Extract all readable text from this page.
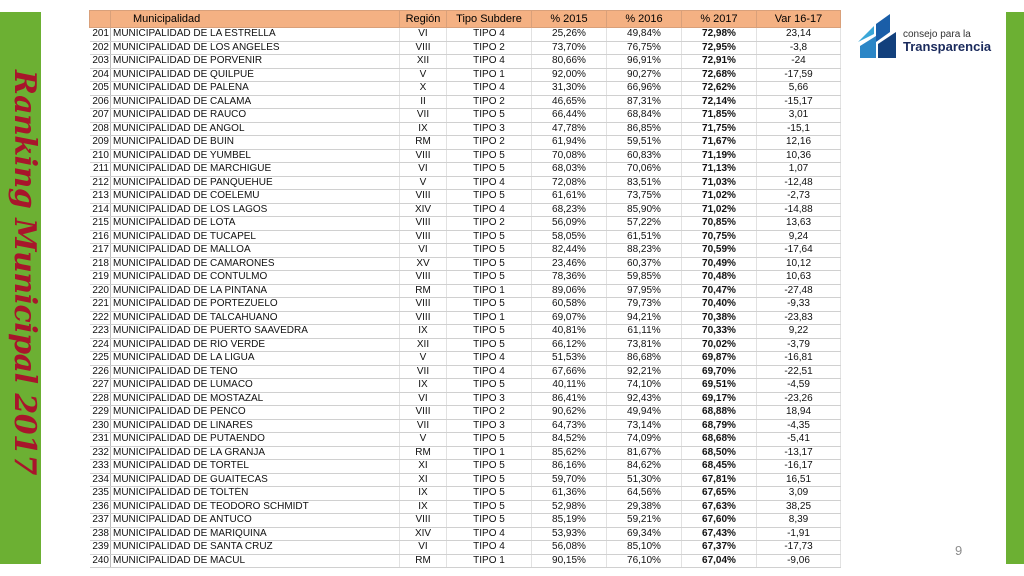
Ranking Municipal 2017
consejo para la
Transparencia
	Municipalidad	Región	Tipo Subdere	% 2015	% 2016	% 2017	Var 16-17
201	MUNICIPALIDAD DE LA ESTRELLA	VI	TIPO 4	25,26%	49,84%	72,98%	23,14
202	MUNICIPALIDAD DE LOS ANGELES	VIII	TIPO 2	73,70%	76,75%	72,95%	-3,8
203	MUNICIPALIDAD DE PORVENIR	XII	TIPO 4	80,66%	96,91%	72,91%	-24
204	MUNICIPALIDAD DE QUILPUÉ	V	TIPO 1	92,00%	90,27%	72,68%	-17,59
205	MUNICIPALIDAD DE PALENA	X	TIPO 4	31,30%	66,96%	72,62%	5,66
206	MUNICIPALIDAD DE CALAMA	II	TIPO 2	46,65%	87,31%	72,14%	-15,17
207	MUNICIPALIDAD DE RAUCO	VII	TIPO 5	66,44%	68,84%	71,85%	3,01
208	MUNICIPALIDAD DE ANGOL	IX	TIPO 3	47,78%	86,85%	71,75%	-15,1
209	MUNICIPALIDAD DE BUIN	RM	TIPO 2	61,94%	59,51%	71,67%	12,16
210	MUNICIPALIDAD DE YUMBEL	VIII	TIPO 5	70,08%	60,83%	71,19%	10,36
211	MUNICIPALIDAD DE MARCHIGUE	VI	TIPO 5	68,03%	70,06%	71,13%	1,07
212	MUNICIPALIDAD DE PANQUEHUE	V	TIPO 4	72,08%	83,51%	71,03%	-12,48
213	MUNICIPALIDAD DE COELEMU	VIII	TIPO 5	61,61%	73,75%	71,02%	-2,73
214	MUNICIPALIDAD DE LOS LAGOS	XIV	TIPO 4	68,23%	85,90%	71,02%	-14,88
215	MUNICIPALIDAD DE LOTA	VIII	TIPO 2	56,09%	57,22%	70,85%	13,63
216	MUNICIPALIDAD DE TUCAPEL	VIII	TIPO 5	58,05%	61,51%	70,75%	9,24
217	MUNICIPALIDAD DE MALLOA	VI	TIPO 5	82,44%	88,23%	70,59%	-17,64
218	MUNICIPALIDAD DE CAMARONES	XV	TIPO 5	23,46%	60,37%	70,49%	10,12
219	MUNICIPALIDAD DE CONTULMO	VIII	TIPO 5	78,36%	59,85%	70,48%	10,63
220	MUNICIPALIDAD DE LA PINTANA	RM	TIPO 1	89,06%	97,95%	70,47%	-27,48
221	MUNICIPALIDAD DE PORTEZUELO	VIII	TIPO 5	60,58%	79,73%	70,40%	-9,33
222	MUNICIPALIDAD DE TALCAHUANO	VIII	TIPO 1	69,07%	94,21%	70,38%	-23,83
223	MUNICIPALIDAD DE PUERTO SAAVEDRA	IX	TIPO 5	40,81%	61,11%	70,33%	9,22
224	MUNICIPALIDAD DE RÍO VERDE	XII	TIPO 5	66,12%	73,81%	70,02%	-3,79
225	MUNICIPALIDAD DE LA LIGUA	V	TIPO 4	51,53%	86,68%	69,87%	-16,81
226	MUNICIPALIDAD DE TENO	VII	TIPO 4	67,66%	92,21%	69,70%	-22,51
227	MUNICIPALIDAD DE LUMACO	IX	TIPO 5	40,11%	74,10%	69,51%	-4,59
228	MUNICIPALIDAD DE MOSTAZAL	VI	TIPO 3	86,41%	92,43%	69,17%	-23,26
229	MUNICIPALIDAD DE PENCO	VIII	TIPO 2	90,62%	49,94%	68,88%	18,94
230	MUNICIPALIDAD DE LINARES	VII	TIPO 3	64,73%	73,14%	68,79%	-4,35
231	MUNICIPALIDAD DE PUTAENDO	V	TIPO 5	84,52%	74,09%	68,68%	-5,41
232	MUNICIPALIDAD DE LA GRANJA	RM	TIPO 1	85,62%	81,67%	68,50%	-13,17
233	MUNICIPALIDAD DE TORTEL	XI	TIPO 5	86,16%	84,62%	68,45%	-16,17
234	MUNICIPALIDAD DE GUAITECAS	XI	TIPO 5	59,70%	51,30%	67,81%	16,51
235	MUNICIPALIDAD DE TOLTÉN	IX	TIPO 5	61,36%	64,56%	67,65%	3,09
236	MUNICIPALIDAD DE TEODORO SCHMIDT	IX	TIPO 5	52,98%	29,38%	67,63%	38,25
237	MUNICIPALIDAD DE ANTUCO	VIII	TIPO 5	85,19%	59,21%	67,60%	8,39
238	MUNICIPALIDAD DE MARIQUINA	XIV	TIPO 4	53,93%	69,34%	67,43%	-1,91
239	MUNICIPALIDAD DE SANTA CRUZ	VI	TIPO 4	56,08%	85,10%	67,37%	-17,73
240	MUNICIPALIDAD DE MACUL	RM	TIPO 1	90,15%	76,10%	67,04%	-9,06
9
